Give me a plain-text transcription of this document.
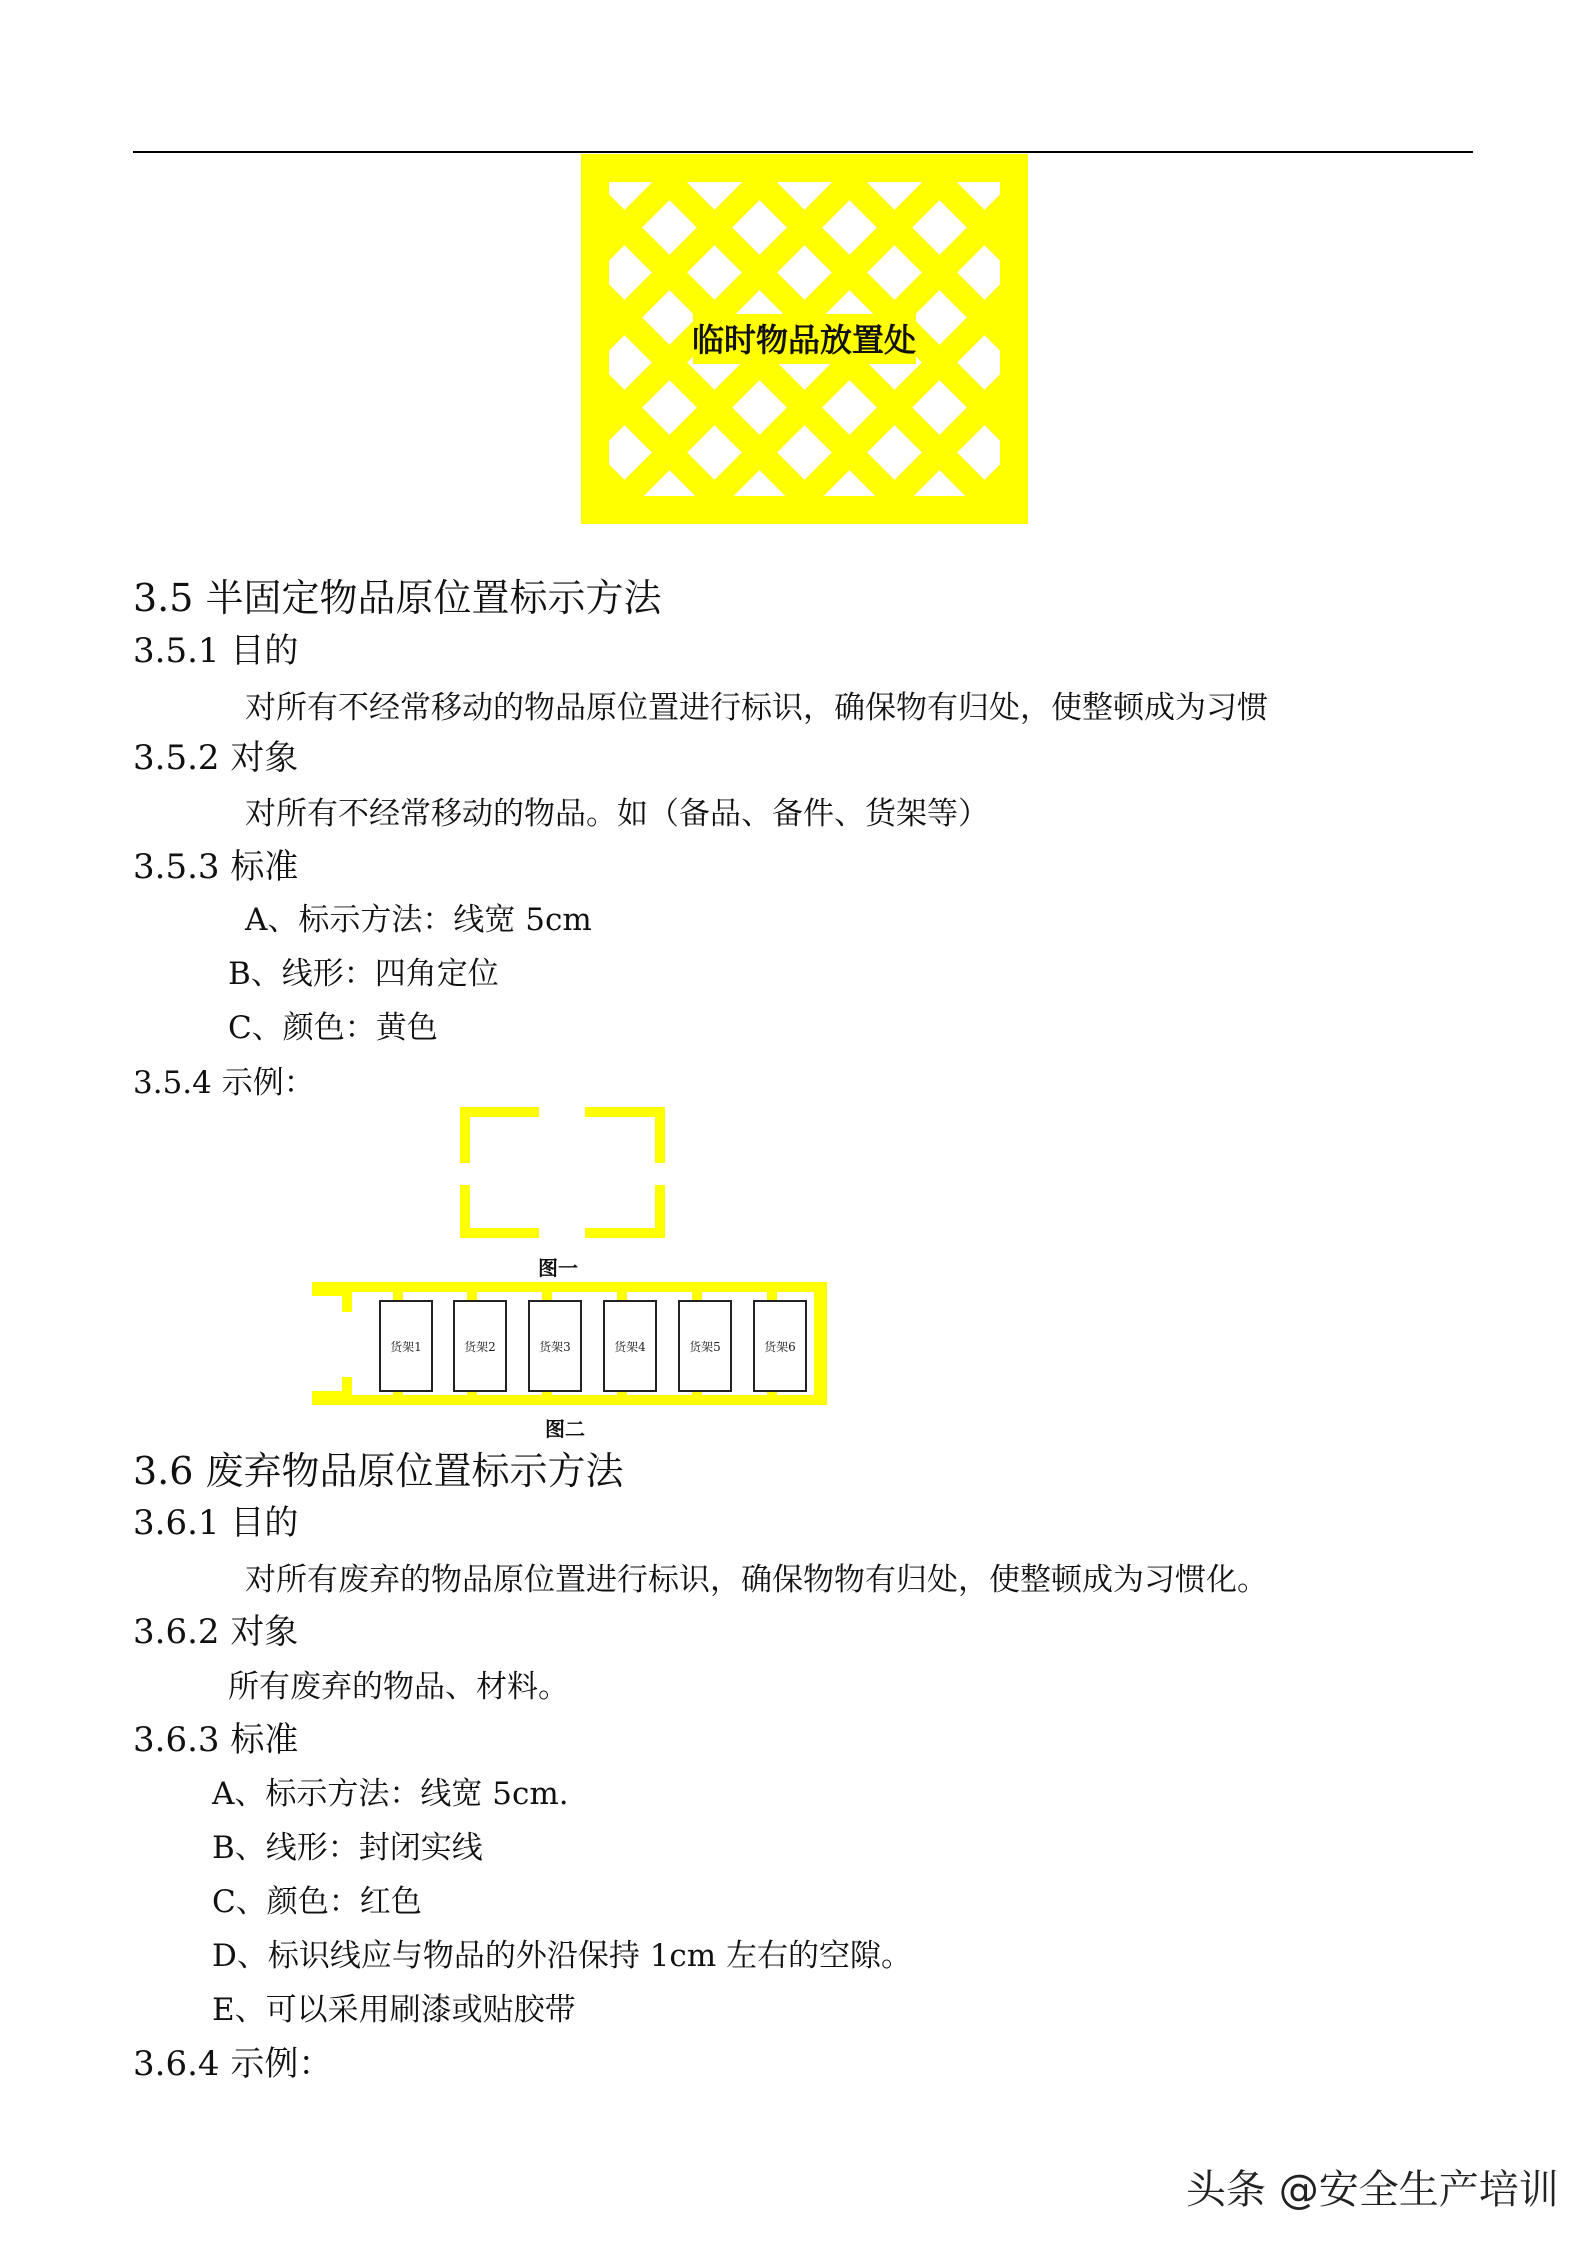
临时物品放置处
3.5 半固定物品原位置标示方法
3.5.1 目的
对所有不经常移动的物品原位置进行标识，确保物有归处，使整顿成为习惯
3.5.2 对象
对所有不经常移动的物品。如（备品、备件、货架等）
3.5.3 标准
A、标示方法：线宽 5cm
B、线形：四角定位
C、颜色：黄色
3.5.4 示例：
图一
货架1	货架2	货架3	货架4	货架5	货架6
图二
3.6 废弃物品原位置标示方法
3.6.1 目的
对所有废弃的物品原位置进行标识，确保物物有归处，使整顿成为习惯化。
3.6.2 对象
所有废弃的物品、材料。
3.6.3 标准
A、标示方法：线宽 5cm.
B、线形：封闭实线
C、颜色：红色
D、标识线应与物品的外沿保持 1cm 左右的空隙。
E、可以采用刷漆或贴胶带
3.6.4 示例：
头条 @安全生产培训
